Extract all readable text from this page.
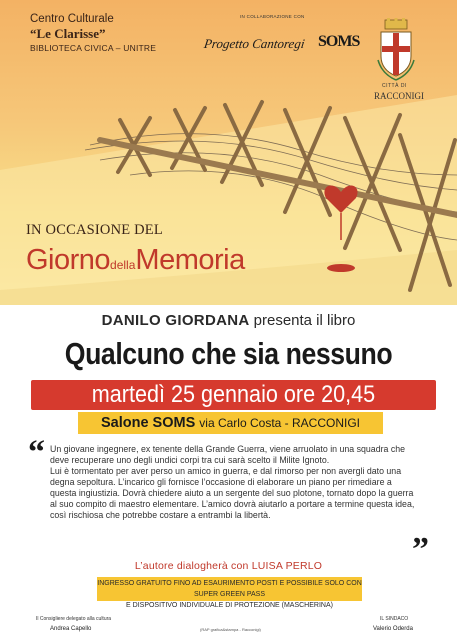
Centro Culturale
“Le Clarisse”
BIBLIOTECA CIVICA – UNITRE
IN COLLABORAZIONE CON
Progetto Cantoregi SOMS
CITTÀ DI
RACCONIGI
IN OCCASIONE DEL
GiornodellaMemoria
DANILO GIORDANA presenta il libro
Qualcuno che sia nessuno
martedì 25 gennaio ore 20,45
Salone SOMS via Carlo Costa - RACCONIGI
“ Un giovane ingegnere, ex tenente della Grande Guerra, viene arruolato in una squadra che deve recuperare uno degli undici corpi tra cui sarà scelto il Milite Ignoto.

Lui è tormentato per aver perso un amico in guerra, e dal rimorso per non avergli dato una degna sepoltura. L’incarico gli fornisce l’occasione di elaborare un piano per rimediare a questa ingiustizia. Dovrà chiedere aiuto a un sergente del suo plotone, tornato dopo la guerra al suo compito di maestro elementare. L’amico dovrà aiutarlo a portare a termine questa idea, così rischiosa che potrebbe costare a entrambi la libertà.

”
L’autore dialogherà con LUISA PERLO
INGRESSO GRATUITO FINO AD ESAURIMENTO POSTI E POSSIBILE SOLO CON SUPER GREEN PASS
E DISPOSITIVO INDIVIDUALE DI PROTEZIONE (MASCHERINA)
Il Consigliere delegato alla cultura
Andrea Capello	(RAP grafica&stampa - Racconigi)
IL SINDACO
Valerio Oderda
